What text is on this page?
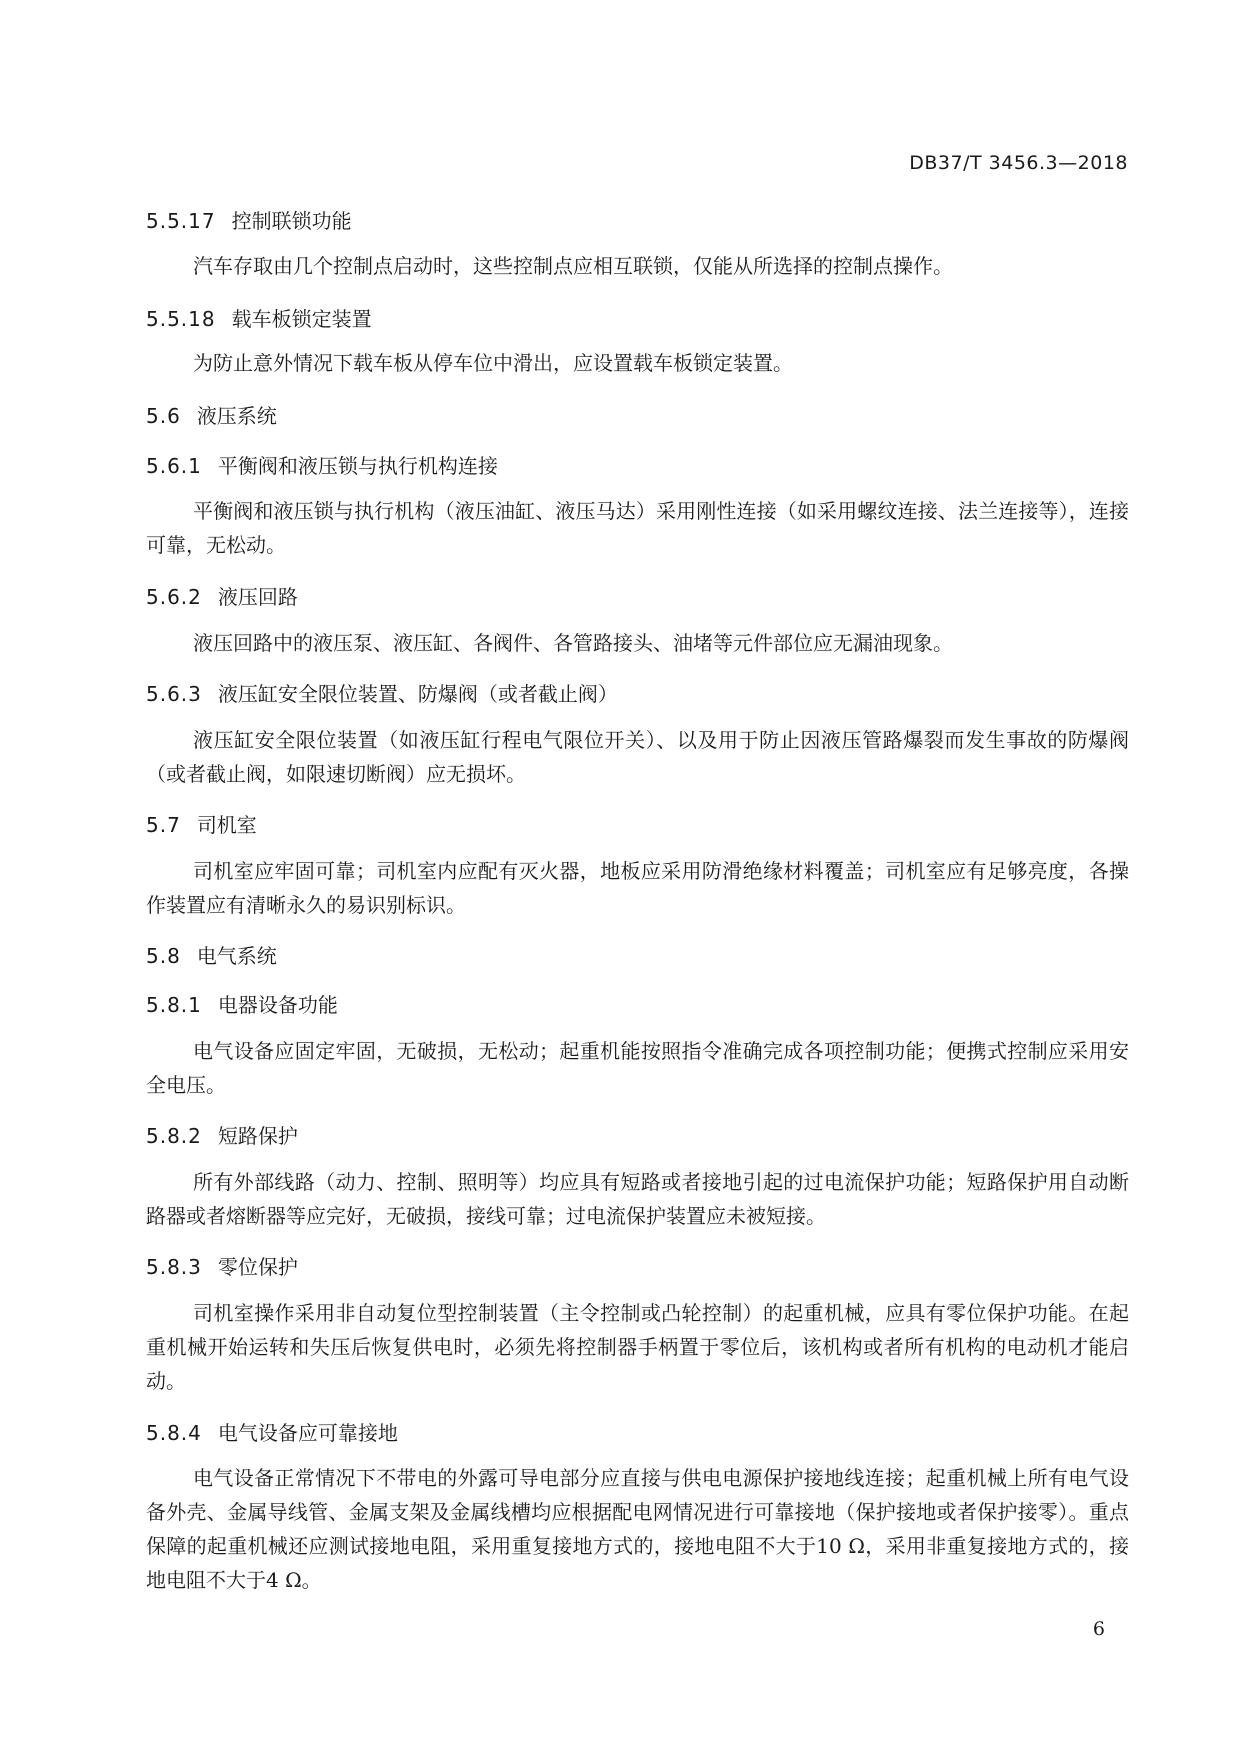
DB37/T 3456.3—2018
5.5.17 控制联锁功能

汽车存取由几个控制点启动时，这些控制点应相互联锁，仅能从所选择的控制点操作。

5.5.18 载车板锁定装置

为防止意外情况下载车板从停车位中滑出，应设置载车板锁定装置。

5.6 液压系统
5.6.1 平衡阀和液压锁与执行机构连接

平衡阀和液压锁与执行机构（液压油缸、液压马达）采用刚性连接（如采用螺纹连接、法兰连接等），连接可靠，无松动。

5.6.2 液压回路

液压回路中的液压泵、液压缸、各阀件、各管路接头、油堵等元件部位应无漏油现象。

5.6.3 液压缸安全限位装置、防爆阀（或者截止阀）

液压缸安全限位装置（如液压缸行程电气限位开关）、以及用于防止因液压管路爆裂而发生事故的防爆阀（或者截止阀，如限速切断阀）应无损坏。

5.7 司机室

司机室应牢固可靠；司机室内应配有灭火器，地板应采用防滑绝缘材料覆盖；司机室应有足够亮度，各操作装置应有清晰永久的易识别标识。

5.8 电气系统
5.8.1 电器设备功能

电气设备应固定牢固，无破损，无松动；起重机能按照指令准确完成各项控制功能；便携式控制应采用安全电压。

5.8.2 短路保护

所有外部线路（动力、控制、照明等）均应具有短路或者接地引起的过电流保护功能；短路保护用自动断路器或者熔断器等应完好，无破损，接线可靠；过电流保护装置应未被短接。

5.8.3 零位保护

司机室操作采用非自动复位型控制装置（主令控制或凸轮控制）的起重机械，应具有零位保护功能。在起重机械开始运转和失压后恢复供电时，必须先将控制器手柄置于零位后，该机构或者所有机构的电动机才能启动。

5.8.4 电气设备应可靠接地

电气设备正常情况下不带电的外露可导电部分应直接与供电电源保护接地线连接；起重机械上所有电气设备外壳、金属导线管、金属支架及金属线槽均应根据配电网情况进行可靠接地（保护接地或者保护接零）。重点保障的起重机械还应测试接地电阻，采用重复接地方式的，接地电阻不大于10 Ω，采用非重复接地方式的，接地电阻不大于4 Ω。

6
